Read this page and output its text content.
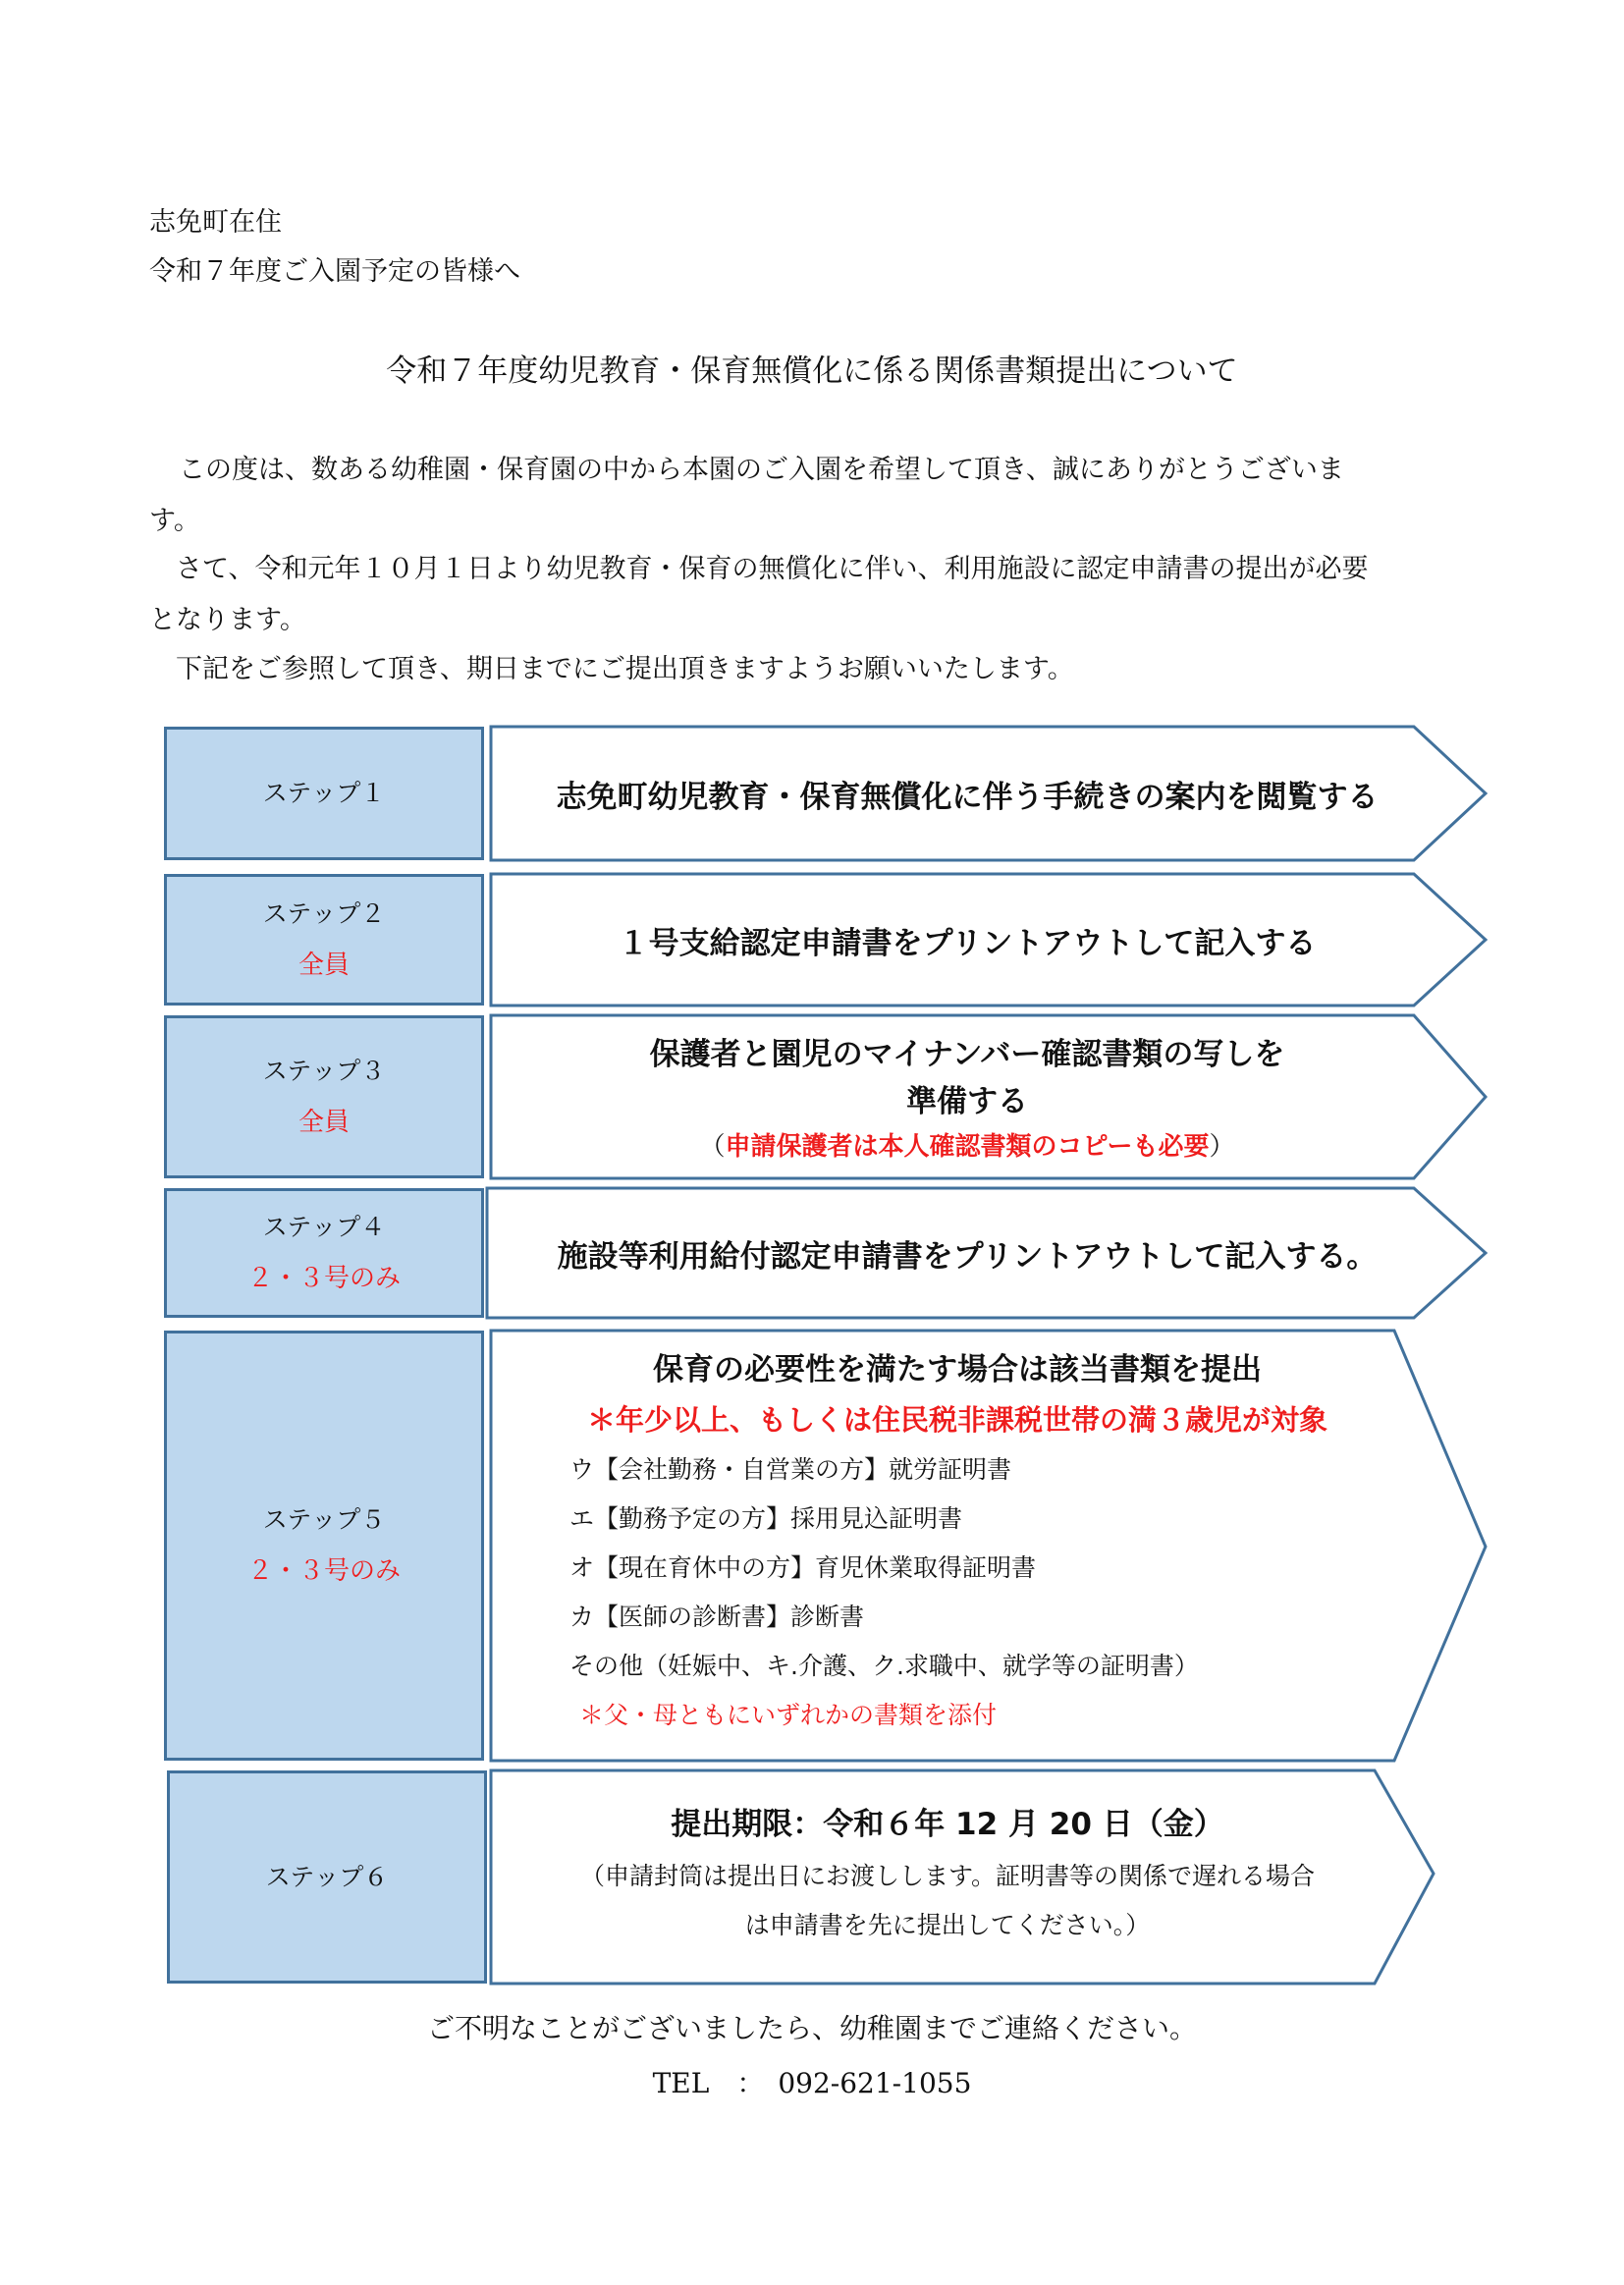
志免町在住
令和７年度ご入園予定の皆様へ
令和７年度幼児教育・保育無償化に係る関係書類提出について
この度は、数ある幼稚園・保育園の中から本園のご入園を希望して頂き、誠にありがとうございま
す。
さて、令和元年１０月１日より幼児教育・保育の無償化に伴い、利用施設に認定申請書の提出が必要
となります。
下記をご参照して頂き、期日までにご提出頂きますようお願いいたします。
ステップ１
ステップ２
全員
ステップ３
全員
ステップ４
２・３号のみ
ステップ５
２・３号のみ
ステップ６
志免町幼児教育・保育無償化に伴う手続きの案内を閲覧する
１号支給認定申請書をプリントアウトして記入する
保護者と園児のマイナンバー確認書類の写しを
準備する
（申請保護者は本人確認書類のコピーも必要）
施設等利用給付認定申請書をプリントアウトして記入する。
保育の必要性を満たす場合は該当書類を提出
＊年少以上、もしくは住民税非課税世帯の満３歳児が対象
ウ【会社勤務・自営業の方】就労証明書
エ【勤務予定の方】採用見込証明書
オ【現在育休中の方】育児休業取得証明書
カ【医師の診断書】診断書
その他（妊娠中、キ.介護、ク.求職中、就学等の証明書）
＊父・母ともにいずれかの書類を添付
提出期限：令和６年 12 月 20 日（金）
（申請封筒は提出日にお渡しします。証明書等の関係で遅れる場合
は申請書を先に提出してください。）
ご不明なことがございましたら、幼稚園までご連絡ください。
TEL　：　092-621-1055
